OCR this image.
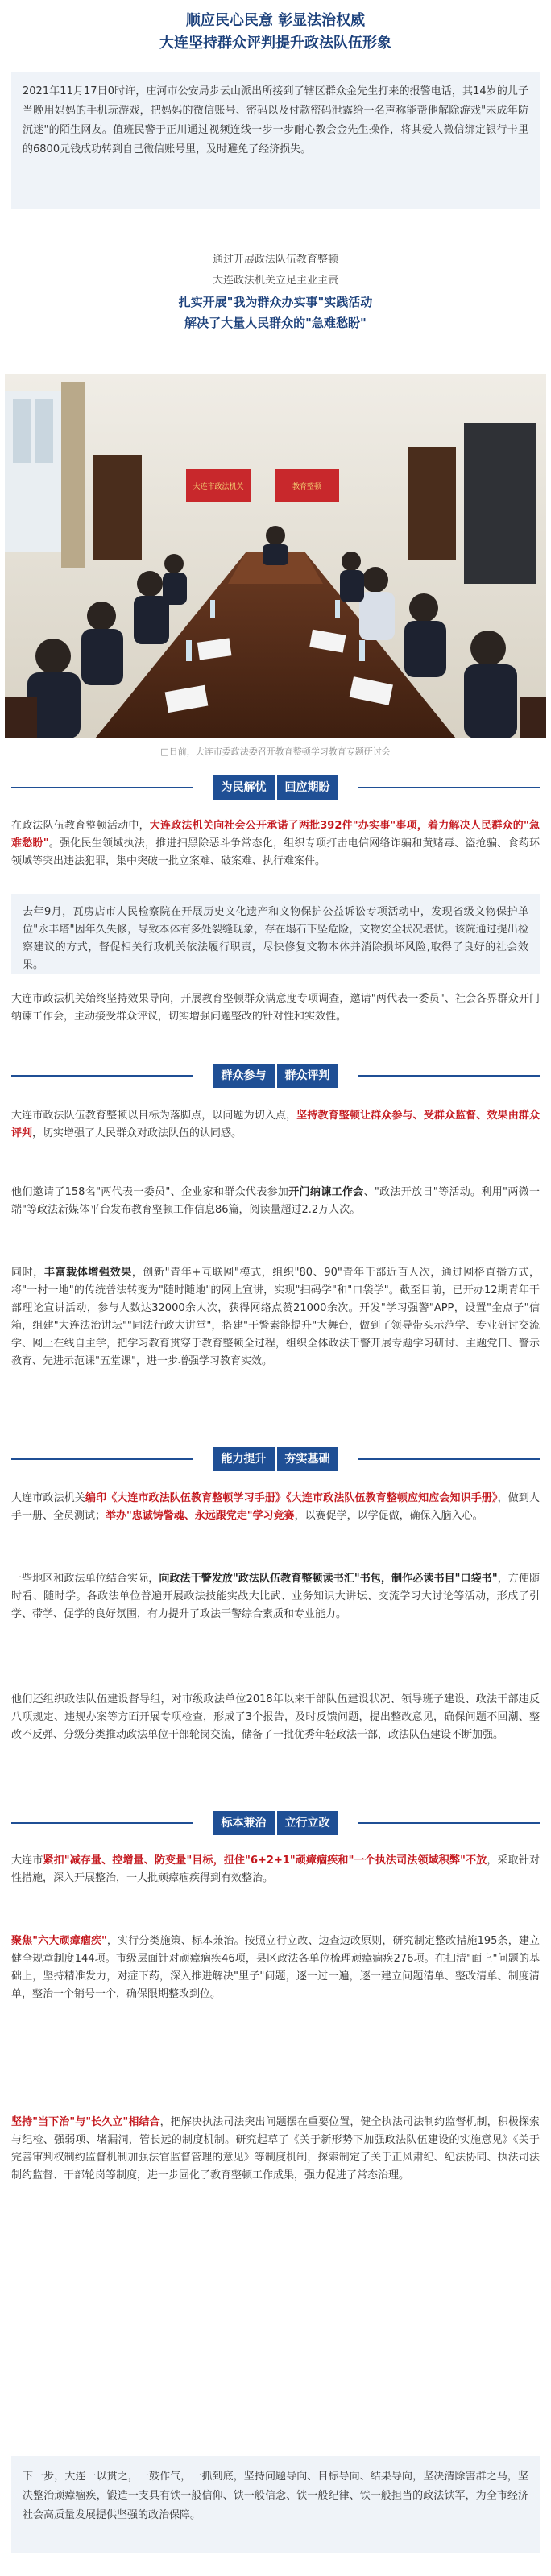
顺应民心民意 彰显法治权威
大连坚持群众评判提升政法队伍形象

2021年11月17日0时许，庄河市公安局步云山派出所接到了辖区群众金先生打来的报警电话，其14岁的儿子当晚用妈妈的手机玩游戏，把妈妈的微信账号、密码以及付款密码泄露给一名声称能帮他解除游戏"未成年防沉迷"的陌生网友。值班民警于正川通过视频连线一步一步耐心教会金先生操作，将其爱人微信绑定银行卡里的6800元钱成功转到自己微信账号里，及时避免了经济损失。

通过开展政法队伍教育整顿
大连政法机关立足主业主责
扎实开展"我为群众办实事"实践活动
解决了大量人民群众的"急难愁盼"
大连市政法机关	教育整顿
□日前，大连市委政法委召开教育整顿学习教育专题研讨会
为民解忧	回应期盼

在政法队伍教育整顿活动中，大连政法机关向社会公开承诺了两批392件"办实事"事项，着力解决人民群众的"急难愁盼"。强化民生领域执法，推进扫黑除恶斗争常态化，组织专项打击电信网络诈骗和黄赌毒、盗抢骗、食药环领域等突出违法犯罪，集中突破一批立案难、破案难、执行难案件。

去年9月，瓦房店市人民检察院在开展历史文化遗产和文物保护公益诉讼专项活动中，发现省级文物保护单位"永丰塔"因年久失修，导致本体有多处裂缝现象，存在塌石下坠危险，文物安全状况堪忧。该院通过提出检察建议的方式，督促相关行政机关依法履行职责，尽快修复文物本体并消除损坏风险,取得了良好的社会效果。

大连市政法机关始终坚持效果导向，开展教育整顿群众满意度专项调查，邀请"两代表一委员"、社会各界群众开门纳谏工作会，主动接受群众评议，切实增强问题整改的针对性和实效性。

群众参与	群众评判

大连市政法队伍教育整顿以目标为落脚点，以问题为切入点，坚持教育整顿让群众参与、受群众监督、效果由群众评判，切实增强了人民群众对政法队伍的认同感。

他们邀请了158名"两代表一委员"、企业家和群众代表参加开门纳谏工作会、"政法开放日"等活动。利用"两微一端"等政法新媒体平台发布教育整顿工作信息86篇，阅读量超过2.2万人次。

同时，丰富载体增强效果，创新"青年+互联网"模式，组织"80、90"青年干部近百人次，通过网格直播方式，将"一村一地"的传统普法转变为"随时随地"的网上宣讲，实现"扫码学"和"口袋学"。截至目前，已开办12期青年干部理论宣讲活动，参与人数达32000余人次，获得网络点赞21000余次。开发"学习强警"APP，设置"金点子"信箱，组建"大连法治讲坛""同法行政大讲堂"，搭建"干警素能提升"大舞台，做到了领导带头示范学、专业研讨交流学、网上在线自主学，把学习教育贯穿于教育整顿全过程，组织全体政法干警开展专题学习研讨、主题党日、警示教育、先进示范课"五堂课"，进一步增强学习教育实效。

能力提升	夯实基础

大连市政法机关编印《大连市政法队伍教育整顿学习手册》《大连市政法队伍教育整顿应知应会知识手册》，做到人手一册、全员测试；举办"忠诚铸警魂、永远跟党走"学习竞赛，以赛促学，以学促做，确保入脑入心。

一些地区和政法单位结合实际，向政法干警发放"政法队伍教育整顿读书汇"书包，制作必读书目"口袋书"，方便随时看、随时学。各政法单位普遍开展政法技能实战大比武、业务知识大讲坛、交流学习大讨论等活动，形成了引学、带学、促学的良好氛围，有力提升了政法干警综合素质和专业能力。

他们还组织政法队伍建设督导组，对市级政法单位2018年以来干部队伍建设状况、领导班子建设、政法干部违反八项规定、违规办案等方面开展专项检查，形成了3个报告，及时反馈问题，提出整改意见，确保问题不回潮、整改不反弹、分级分类推动政法单位干部轮岗交流，储备了一批优秀年轻政法干部，政法队伍建设不断加强。

标本兼治	立行立改

大连市紧扣"减存量、控增量、防变量"目标，扭住"6+2+1"顽瘴痼疾和"一个执法司法领域积弊"不放，采取针对性措施，深入开展整治，一大批顽瘴痼疾得到有效整治。

聚焦"六大顽瘴痼疾"，实行分类施策、标本兼治。按照立行立改、边查边改原则，研究制定整改措施195条，建立健全规章制度144项。市级层面针对顽瘴痼疾46项，县区政法各单位梳理顽瘴痼疾276项。在扫清"面上"问题的基础上，坚持精准发力，对症下药，深入推进解决"里子"问题，逐一过一遍，逐一建立问题清单、整改清单、制度清单，整治一个销号一个，确保限期整改到位。

坚持"当下治"与"长久立"相结合，把解决执法司法突出问题摆在重要位置，健全执法司法制约监督机制，积极探索与纪检、强弱项、堵漏洞，管长远的制度机制。研究起草了《关于新形势下加强政法队伍建设的实施意见》《关于完善审判权制约监督机制加强法官监督管理的意见》等制度机制，探索制定了关于正风肃纪、纪法协同、执法司法制约监督、干部轮岗等制度，进一步固化了教育整顿工作成果，强力促进了常态治理。

下一步，大连一以贯之，一鼓作气，一抓到底，坚持问题导向、目标导向、结果导向，坚决清除害群之马，坚决整治顽瘴痼疾，锻造一支具有铁一般信仰、铁一般信念、铁一般纪律、铁一般担当的政法铁军，为全市经济社会高质量发展提供坚强的政治保障。
